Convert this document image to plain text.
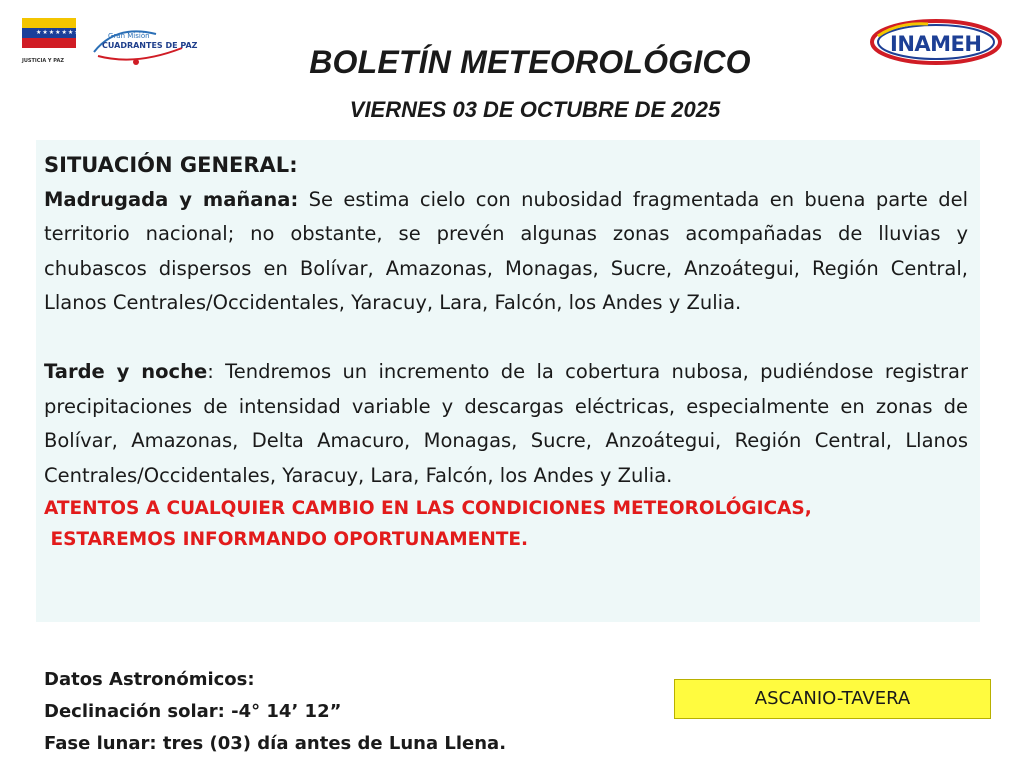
★★★★★★★★
JUSTICIA Y PAZ
Gran Misión
CUADRANTES DE PAZ	INAMEH
BOLETÍN METEOROLÓGICO
VIERNES 03 DE OCTUBRE DE 2025

SITUACIÓN GENERAL:

Madrugada y mañana: Se estima cielo con nubosidad fragmentada en buena parte del territorio nacional; no obstante, se prevén algunas zonas acompañadas de lluvias y chubascos dispersos en Bolívar, Amazonas, Monagas, Sucre, Anzoátegui, Región Central, Llanos Centrales/Occidentales, Yaracuy, Lara, Falcón, los Andes y Zulia.

Tarde y noche: Tendremos un incremento de la cobertura nubosa, pudiéndose registrar precipitaciones de intensidad variable y descargas eléctricas, especialmente en zonas de Bolívar, Amazonas, Delta Amacuro, Monagas, Sucre, Anzoátegui, Región Central, Llanos Centrales/Occidentales, Yaracuy, Lara, Falcón, los Andes y Zulia.

ATENTOS A CUALQUIER CAMBIO EN LAS CONDICIONES METEOROLÓGICAS,

ESTAREMOS INFORMANDO OPORTUNAMENTE.

Datos Astronómicos:
Declinación solar: -4° 14’ 12”
Fase lunar: tres (03) día antes de Luna Llena.
ASCANIO-TAVERA
